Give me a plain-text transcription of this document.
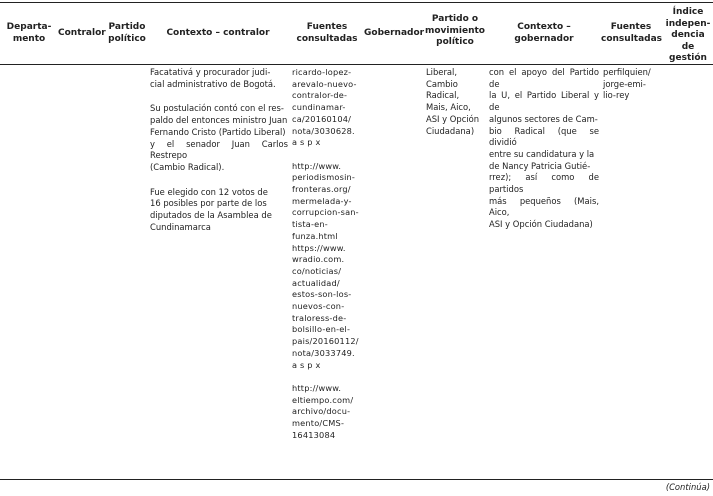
Departa- mento
Contralor
Partido político
Contexto – contralor
Fuentes consultadas
Gobernador
Partido o movimiento político
Contexto – gobernador
Fuentes consultadas
Índice indepen- dencia de gestión

Facatativá y procurador judi-
cial administrativo de Bogotá.

Su postulación contó con el res-
paldo del entonces ministro Juan
Fernando Cristo (Partido Liberal)
y el senador Juan Carlos Restrepo
(Cambio Radical).

Fue elegido con 12 votos de
16 posibles por parte de los
diputados de la Asamblea de
Cundinamarca

ricardo-lopez-
arevalo-nuevo-
contralor-de-
cundinamar-
ca/20160104/
nota/3030628.
a s p x

http://www.
periodismosin-
fronteras.org/
mermelada-y-
corrupcion-san-
tista-en-funza.html
https://www.
wradio.com.
co/noticias/
actualidad/
estos-son-los-
nuevos-con-
traloress-de-
bolsillo-en-el-
pais/20160112/
nota/3033749.
a s p x

http://www.
eltiempo.com/
archivo/docu-
mento/CMS-
16413084

Liberal,
Cambio
Radical,
Mais, Aico,
ASI y Opción
Ciudadana)

con el apoyo del Partido de
la U, el Partido Liberal y de
algunos sectores de Cam-
bio Radical (que se dividió
entre su candidatura y la
de Nancy Patricia Gutié-
rrez); así como de partidos
más pequeños (Mais, Aico,
ASI y Opción Ciudadana)

perfilquien/
jorge-emi-
lio-rey

(Continúa)
